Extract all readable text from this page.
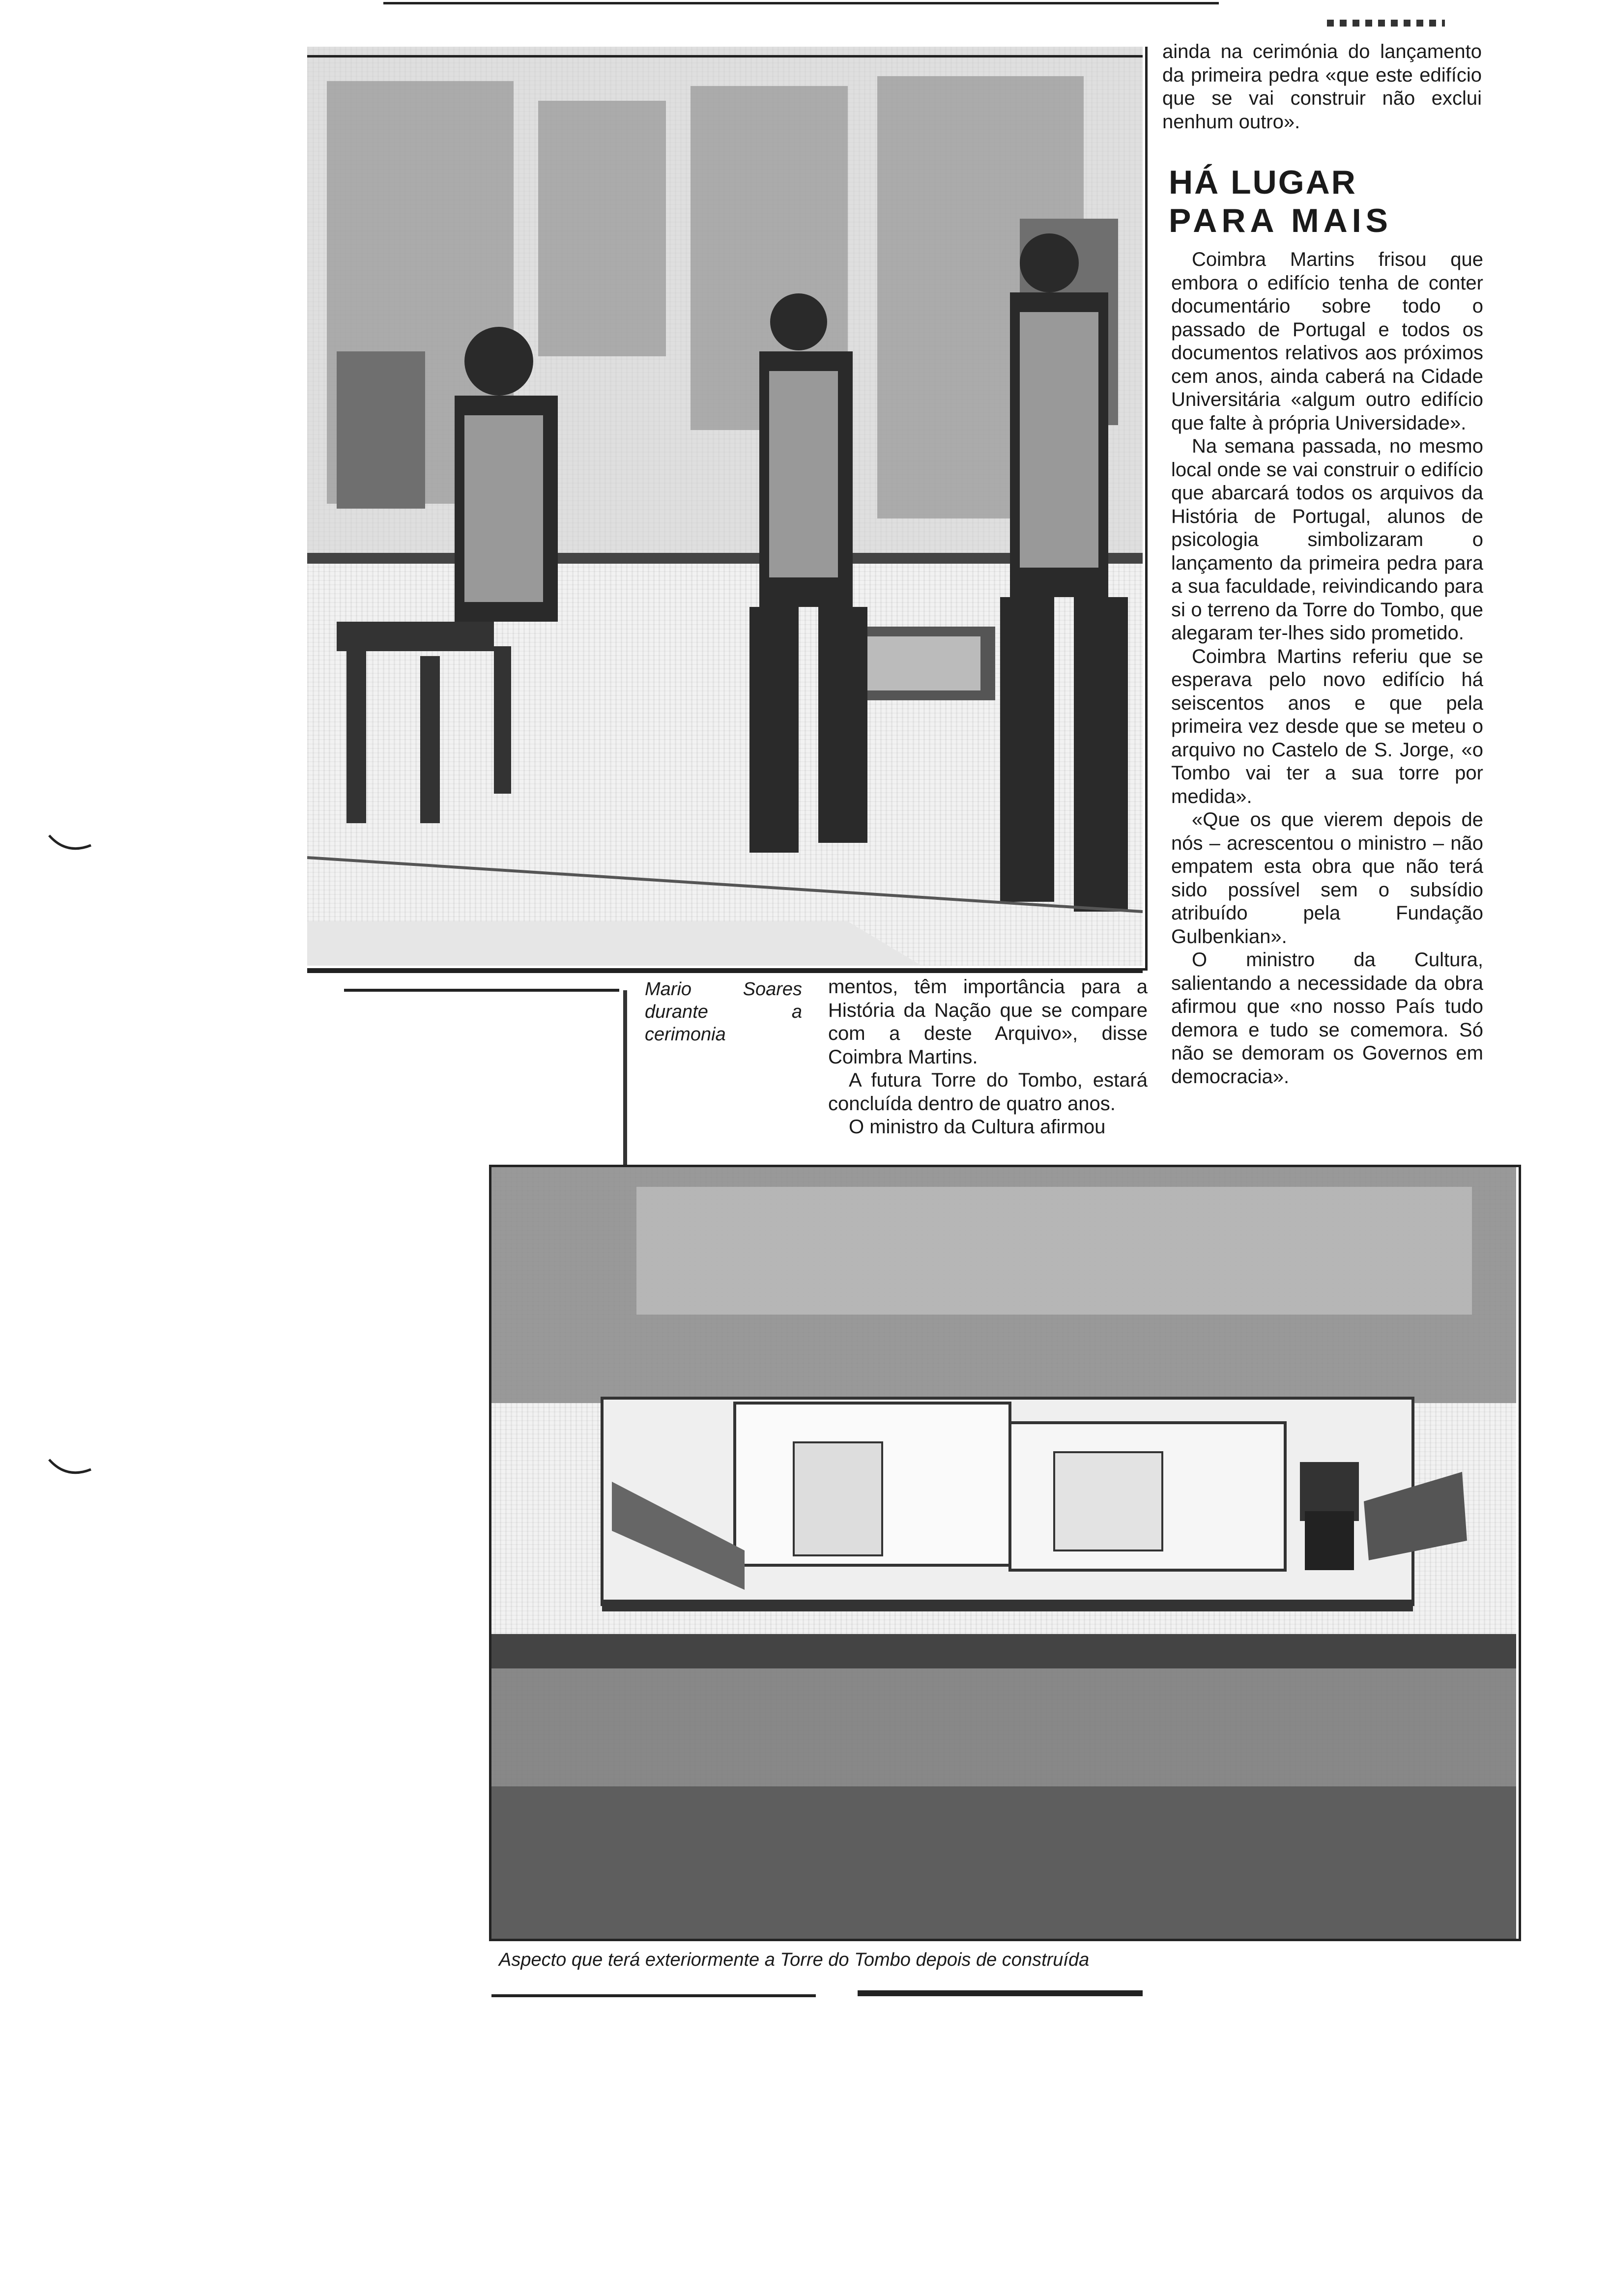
ainda na cerimónia do lançamento da primeira pedra «que este edifício que se vai construir não exclui nenhum outro».

HÁ LUGAR
PARA MAIS

Coimbra Martins frisou que embora o edifício tenha de conter documentário sobre todo o passado de Portugal e todos os documentos relativos aos próximos cem anos, ainda caberá na Cidade Universitária «algum outro edifício que falte à própria Universidade».

Na semana passada, no mesmo local onde se vai construir o edifício que abarcará todos os arquivos da História de Portugal, alunos de psicologia simbolizaram o lançamento da primeira pedra para a sua faculdade, reivindicando para si o terreno da Torre do Tombo, que alegaram ter-lhes sido prometido.

Coimbra Martins referiu que se esperava pelo novo edifício há seiscentos anos e que pela primeira vez desde que se meteu o arquivo no Castelo de S. Jorge, «o Tombo vai ter a sua torre por medida».

«Que os que vierem depois de nós – acrescentou o ministro – não empatem esta obra que não terá sido possível sem o subsídio atribuído pela Fundação Gulbenkian».

O ministro da Cultura, salientando a necessidade da obra afirmou que «no nosso País tudo demora e tudo se comemora. Só não se demoram os Governos em democracia».

Mario Soares durante a cerimonia

mentos, têm importância para a História da Nação que se compare com a deste Arquivo», disse Coimbra Martins.

A futura Torre do Tombo, estará concluída dentro de quatro anos.

O ministro da Cultura afirmou

Aspecto que terá exteriormente a Torre do Tombo depois de construída
